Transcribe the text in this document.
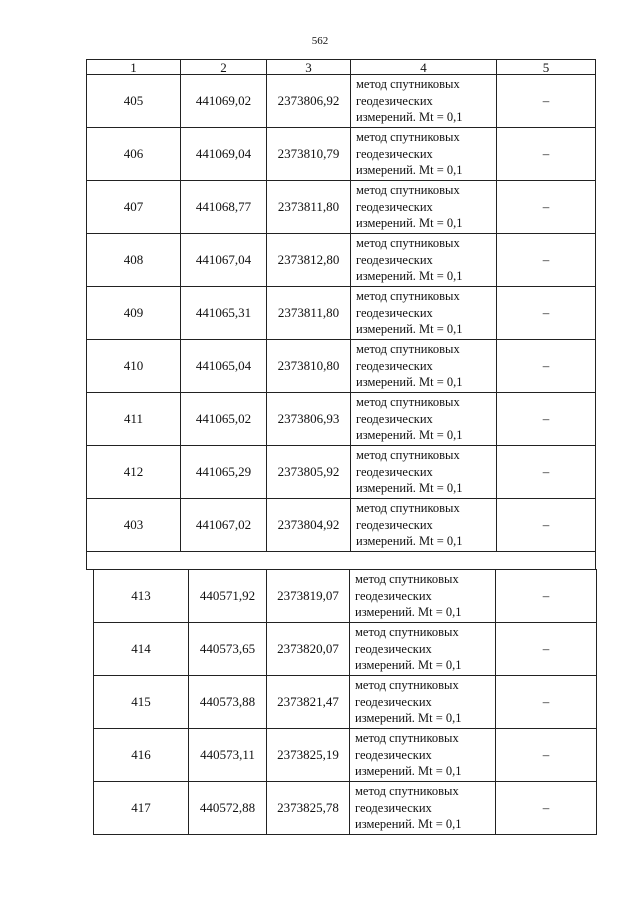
562
1	2	3	4	5
405	441069,02	2373806,92	метод спутниковых
геодезических
измерений. Mt = 0,1	–
406	441069,04	2373810,79	метод спутниковых
геодезических
измерений. Mt = 0,1	–
407	441068,77	2373811,80	метод спутниковых
геодезических
измерений. Mt = 0,1	–
408	441067,04	2373812,80	метод спутниковых
геодезических
измерений. Mt = 0,1	–
409	441065,31	2373811,80	метод спутниковых
геодезических
измерений. Mt = 0,1	–
410	441065,04	2373810,80	метод спутниковых
геодезических
измерений. Mt = 0,1	–
411	441065,02	2373806,93	метод спутниковых
геодезических
измерений. Mt = 0,1	–
412	441065,29	2373805,92	метод спутниковых
геодезических
измерений. Mt = 0,1	–
403	441067,02	2373804,92	метод спутниковых
геодезических
измерений. Mt = 0,1	–

413	440571,92	2373819,07	метод спутниковых
геодезических
измерений. Mt = 0,1	–
414	440573,65	2373820,07	метод спутниковых
геодезических
измерений. Mt = 0,1	–
415	440573,88	2373821,47	метод спутниковых
геодезических
измерений. Mt = 0,1	–
416	440573,11	2373825,19	метод спутниковых
геодезических
измерений. Mt = 0,1	–
417	440572,88	2373825,78	метод спутниковых
геодезических
измерений. Mt = 0,1	–
